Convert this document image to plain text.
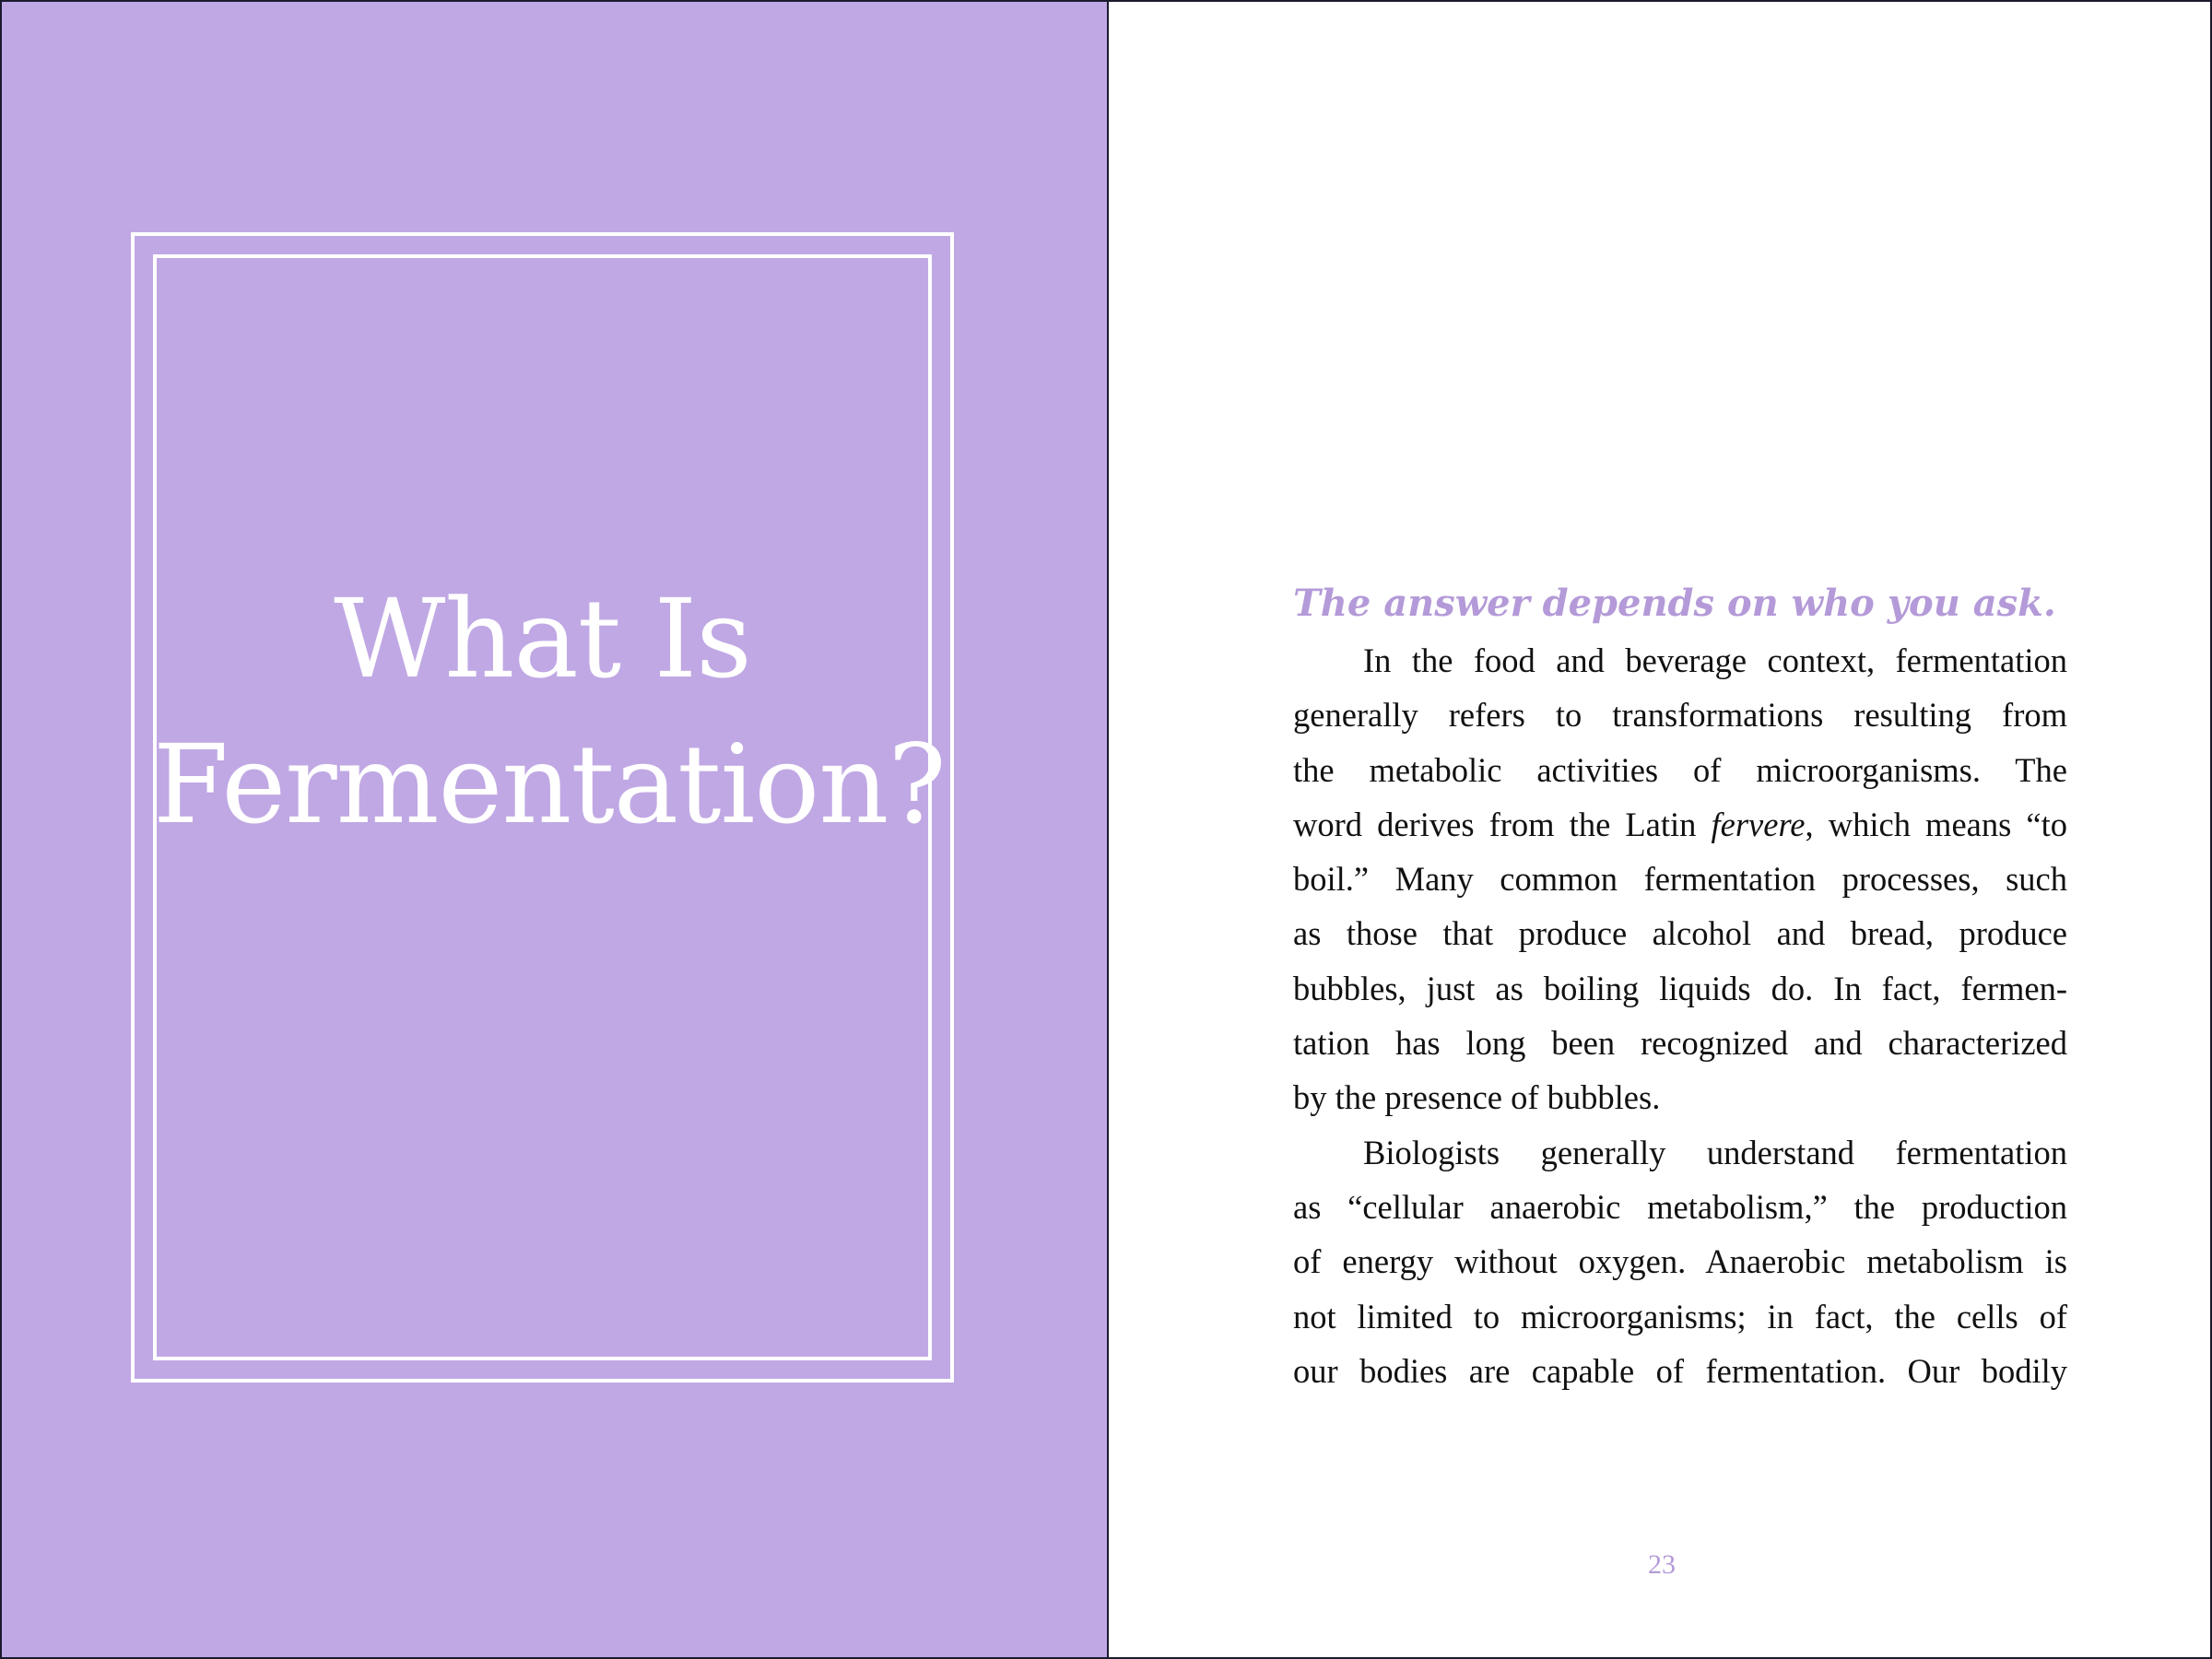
What Is
Fermentation?

The answer depends on who you ask.

In the food and beverage context, fermentation
generally refers to transformations resulting from
the metabolic activities of microorganisms. The
word derives from the Latin fervere, which means “to
boil.” Many common fermentation processes, such
as those that produce alcohol and bread, produce
bubbles, just as boiling liquids do. In fact, fermen-
tation has long been recognized and characterized
by the presence of bubbles.
Biologists generally understand fermentation
as “cellular anaerobic metabolism,” the production
of energy without oxygen. Anaerobic metabolism is
not limited to microorganisms; in fact, the cells of
our bodies are capable of fermentation. Our bodily

23
